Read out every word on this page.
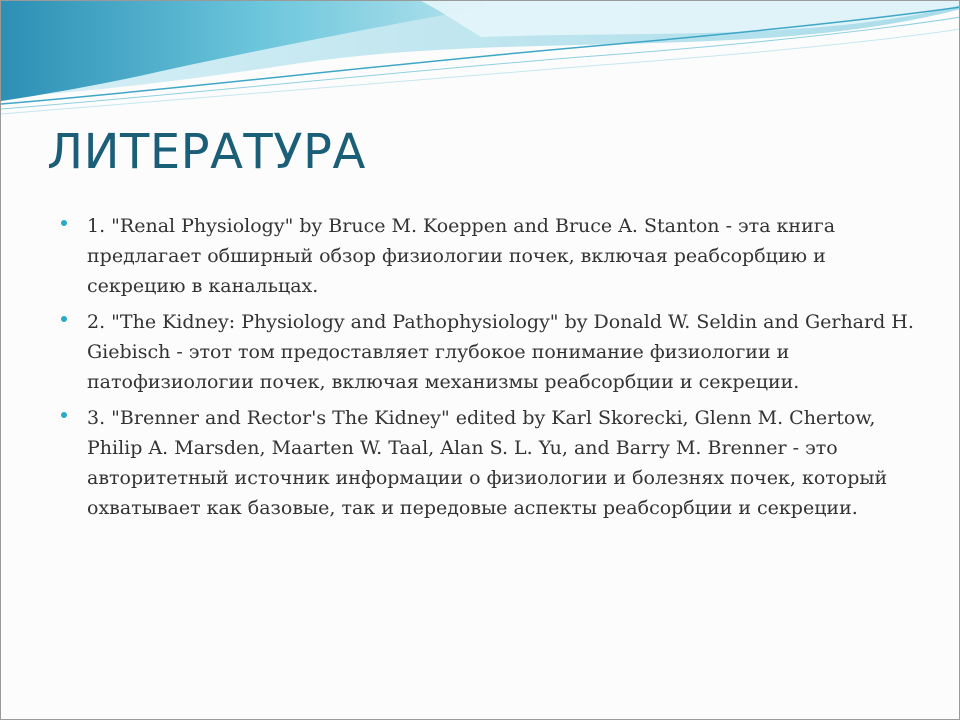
ЛИТЕРАТУРА
1. "Renal Physiology" by Bruce M. Koeppen and Bruce A. Stanton - эта книга предлагает обширный обзор физиологии почек, включая реабсорбцию и секрецию в канальцах.
2. "The Kidney: Physiology and Pathophysiology" by Donald W. Seldin and Gerhard H. Giebisch - этот том предоставляет глубокое понимание физиологии и патофизиологии почек, включая механизмы реабсорбции и секреции.
3. "Brenner and Rector's The Kidney" edited by Karl Skorecki, Glenn M. Chertow, Philip A. Marsden, Maarten W. Taal, Alan S. L. Yu, and Barry M. Brenner - это авторитетный источник информации о физиологии и болезнях почек, который охватывает как базовые, так и передовые аспекты реабсорбции и секреции.
